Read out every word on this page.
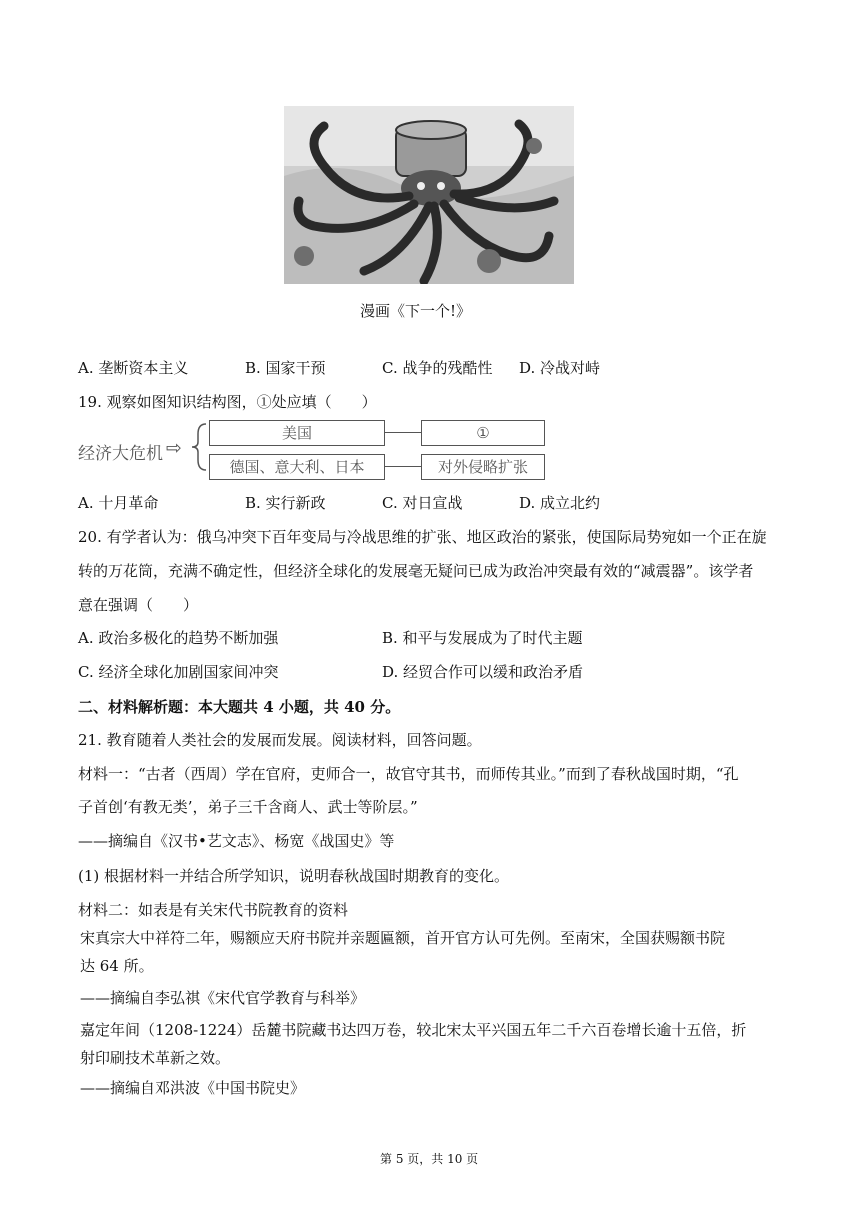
漫画《下一个!》
A. 垄断资本主义	B. 国家干预	C. 战争的残酷性 D. 冷战对峙
19. 观察如图知识结构图，①处应填（　　）
经济大危机 ⇨
美国	①
德国、意大利、日本	对外侵略扩张
A. 十月革命	B. 实行新政	C. 对日宣战	D. 成立北约
20. 有学者认为：俄乌冲突下百年变局与冷战思维的扩张、地区政治的紧张，使国际局势宛如一个正在旋
转的万花筒，充满不确定性，但经济全球化的发展毫无疑问已成为政治冲突最有效的“减震器”。该学者
意在强调（　　）
A. 政治多极化的趋势不断加强	B. 和平与发展成为了时代主题
C. 经济全球化加剧国家间冲突	D. 经贸合作可以缓和政治矛盾
二、材料解析题：本大题共 4 小题，共 40 分。
21. 教育随着人类社会的发展而发展。阅读材料，回答问题。
材料一：“古者（西周）学在官府，吏师合一，故官守其书，而师传其业。”而到了春秋战国时期，“孔
子首创‘有教无类’，弟子三千含商人、武士等阶层。”
——摘编自《汉书•艺文志》、杨宽《战国史》等
(1) 根据材料一并结合所学知识，说明春秋战国时期教育的变化。
材料二：如表是有关宋代书院教育的资料
宋真宗大中祥符二年，赐额应天府书院并亲题匾额，首开官方认可先例。至南宋，全国获赐额书院
达 64 所。
——摘编自李弘祺《宋代官学教育与科举》
嘉定年间（1208-1224）岳麓书院藏书达四万卷，较北宋太平兴国五年二千六百卷增长逾十五倍，折
射印刷技术革新之效。
——摘编自邓洪波《中国书院史》
第 5 页，共 10 页
